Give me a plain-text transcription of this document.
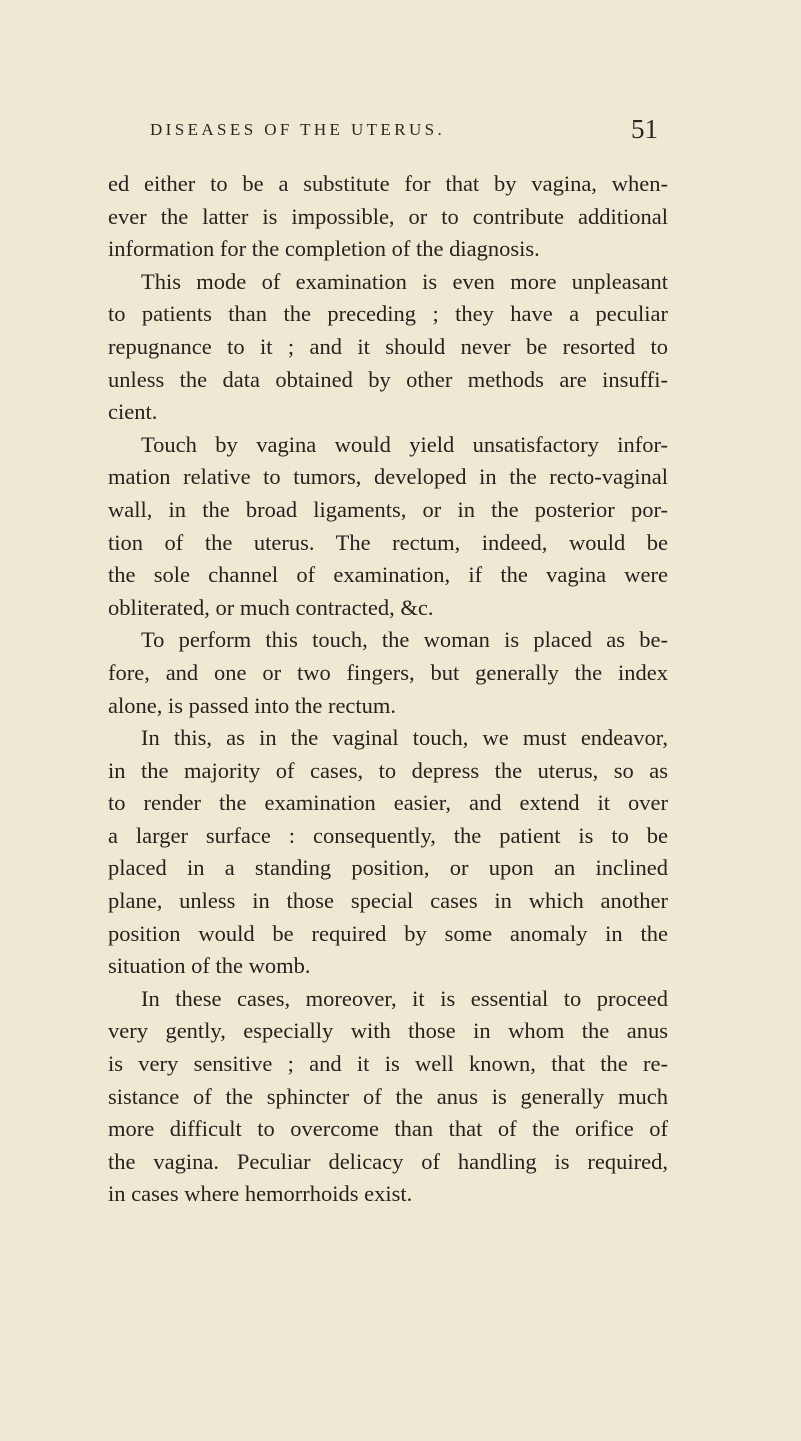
DISEASES OF THE UTERUS.	51
ed either to be a substitute for that by vagina, when-
ever the latter is impossible, or to contribute additional
information for the completion of the diagnosis.
This mode of examination is even more unpleasant
to patients than the preceding ; they have a peculiar
repugnance to it ; and it should never be resorted to
unless the data obtained by other methods are insuffi-
cient.
Touch by vagina would yield unsatisfactory infor-
mation relative to tumors, developed in the recto-vaginal
wall, in the broad ligaments, or in the posterior por-
tion of the uterus. The rectum, indeed, would be
the sole channel of examination, if the vagina were
obliterated, or much contracted, &c.
To perform this touch, the woman is placed as be-
fore, and one or two fingers, but generally the index
alone, is passed into the rectum.
In this, as in the vaginal touch, we must endeavor,
in the majority of cases, to depress the uterus, so as
to render the examination easier, and extend it over
a larger surface : consequently, the patient is to be
placed in a standing position, or upon an inclined
plane, unless in those special cases in which another
position would be required by some anomaly in the
situation of the womb.
In these cases, moreover, it is essential to proceed
very gently, especially with those in whom the anus
is very sensitive ; and it is well known, that the re-
sistance of the sphincter of the anus is generally much
more difficult to overcome than that of the orifice of
the vagina. Peculiar delicacy of handling is required,
in cases where hemorrhoids exist.
